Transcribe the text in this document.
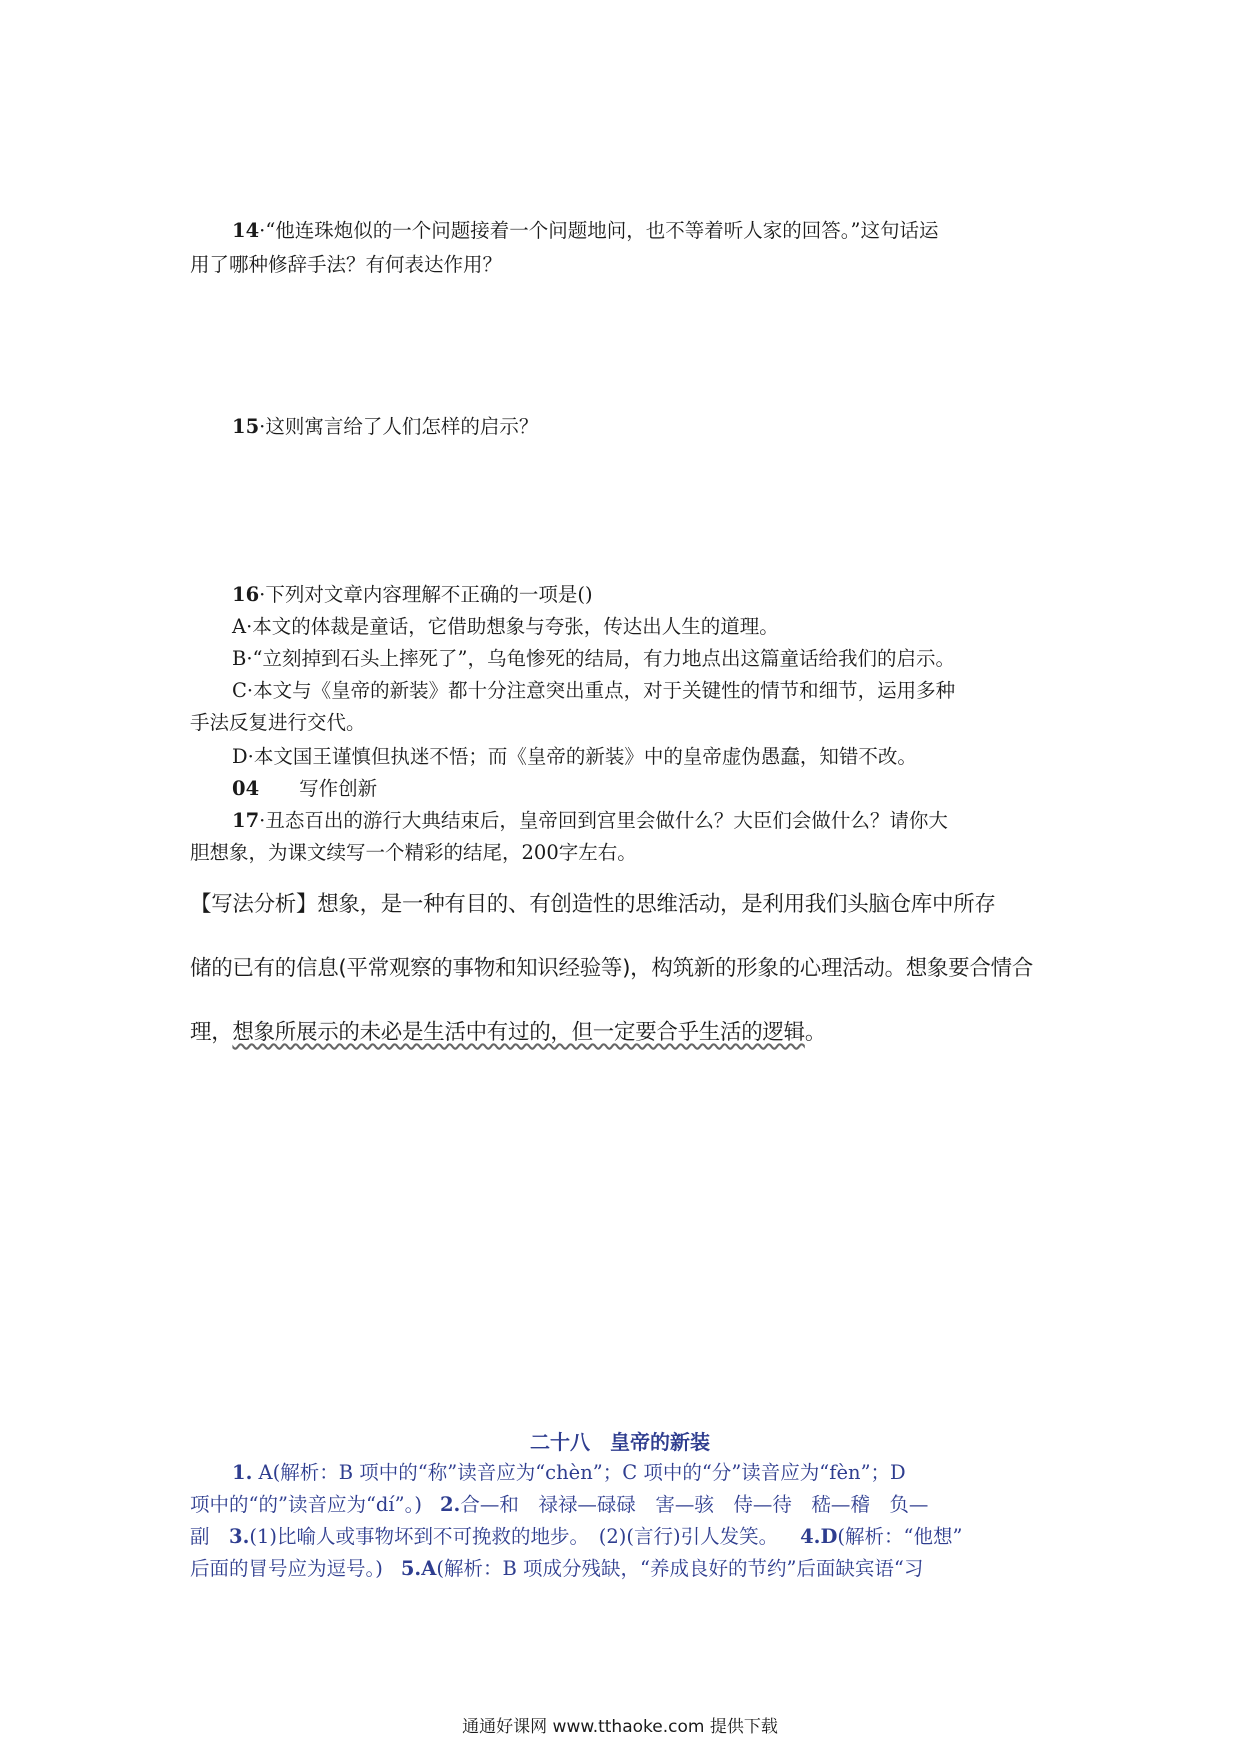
14·“他连珠炮似的一个问题接着一个问题地问，也不等着听人家的回答。”这句话运
用了哪种修辞手法？有何表达作用？
15·这则寓言给了人们怎样的启示？
16·下列对文章内容理解不正确的一项是()
A·本文的体裁是童话，它借助想象与夸张，传达出人生的道理。
B·“立刻掉到石头上摔死了”，乌龟惨死的结局，有力地点出这篇童话给我们的启示。
C·本文与《皇帝的新装》都十分注意突出重点，对于关键性的情节和细节，运用多种
手法反复进行交代。
D·本文国王谨慎但执迷不悟；而《皇帝的新装》中的皇帝虚伪愚蠢，知错不改。
04 写作创新
17·丑态百出的游行大典结束后，皇帝回到宫里会做什么？大臣们会做什么？请你大
胆想象，为课文续写一个精彩的结尾，200字左右。
【写法分析】想象，是一种有目的、有创造性的思维活动，是利用我们头脑仓库中所存
储的已有的信息(平常观察的事物和知识经验等)，构筑新的形象的心理活动。想象要合情合
理，想象所展示的未必是生活中有过的，但一定要合乎生活的逻辑。
二十八　皇帝的新装
1. A(解析：B 项中的“称”读音应为“chèn”；C 项中的“分”读音应为“fèn”；D
项中的“的”读音应为“dí”。) 2.合—和　禄禄—碌碌　害—骇　侍—待　嵇—稽　负—
副　3.(1)比喻人或事物坏到不可挽救的地步。　(2)(言行)引人发笑。 4.D(解析：“他想”
后面的冒号应为逗号。) 5.A(解析：B 项成分残缺，“养成良好的节约”后面缺宾语“习
通通好课网 www.tthaoke.com 提供下载
